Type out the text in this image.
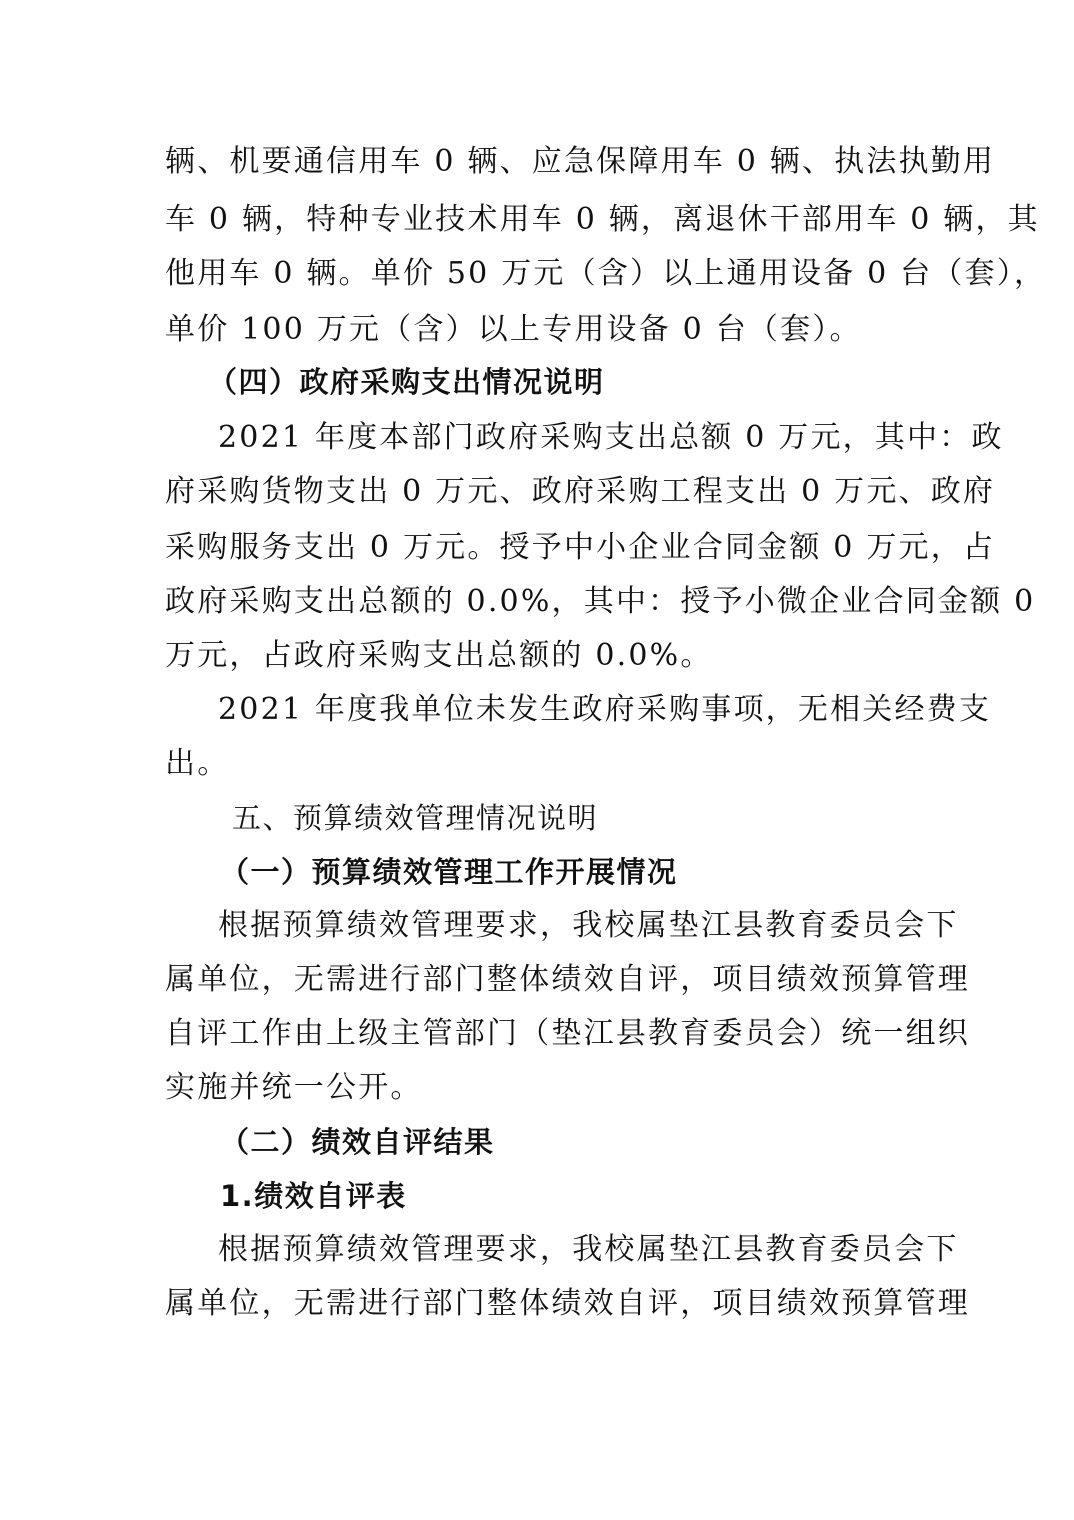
辆、机要通信用车 0 辆、应急保障用车 0 辆、执法执勤用
车 0 辆，特种专业技术用车 0 辆，离退休干部用车 0 辆，其
他用车 0 辆。单价 50 万元（含）以上通用设备 0 台（套），
单价 100 万元（含）以上专用设备 0 台（套）。
（四）政府采购支出情况说明
2021 年度本部门政府采购支出总额 0 万元，其中：政
府采购货物支出 0 万元、政府采购工程支出 0 万元、政府
采购服务支出 0 万元。授予中小企业合同金额 0 万元，占
政府采购支出总额的 0.0%，其中：授予小微企业合同金额 0
万元，占政府采购支出总额的 0.0%。
2021 年度我单位未发生政府采购事项，无相关经费支
出。
五、预算绩效管理情况说明
（一）预算绩效管理工作开展情况
根据预算绩效管理要求，我校属垫江县教育委员会下
属单位，无需进行部门整体绩效自评，项目绩效预算管理
自评工作由上级主管部门（垫江县教育委员会）统一组织
实施并统一公开。
（二）绩效自评结果
1.绩效自评表
根据预算绩效管理要求，我校属垫江县教育委员会下
属单位，无需进行部门整体绩效自评，项目绩效预算管理
